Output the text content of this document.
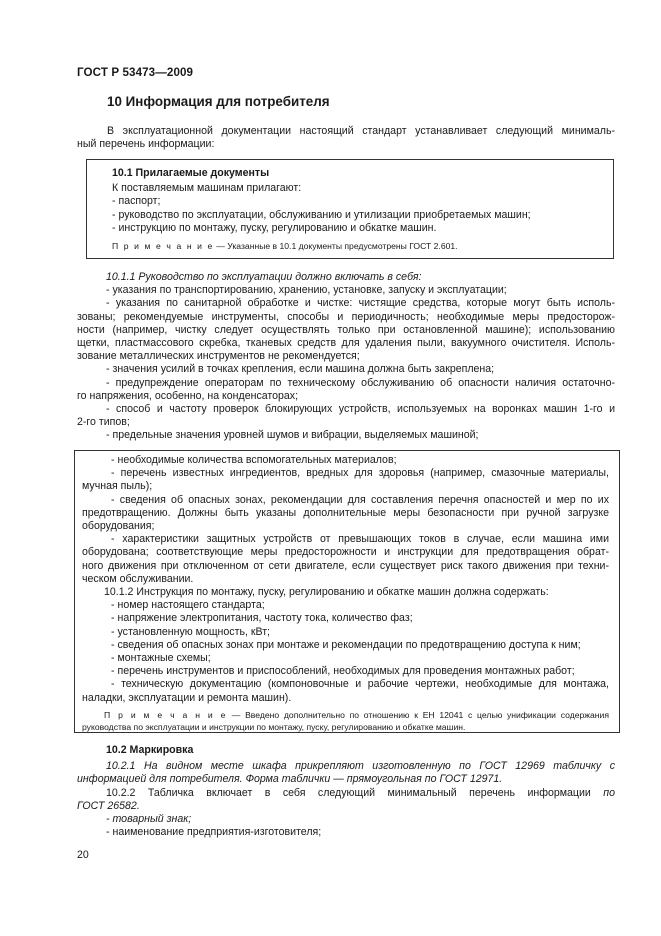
ГОСТ Р 53473—2009
10 Информация для потребителя
В эксплуатационной документации настоящий стандарт устанавливает следующий минималь-
ный перечень информации:
10.1 Прилагаемые документы
К поставляемым машинам прилагают:
- паспорт;
- руководство по эксплуатации, обслуживанию и утилизации приобретаемых машин;
- инструкцию по монтажу, пуску, регулированию и обкатке машин.
П р и м е ч а н и е — Указанные в 10.1 документы предусмотрены ГОСТ 2.601.
10.1.1 Руководство по эксплуатации должно включать в себя:
- указания по транспортированию, хранению, установке, запуску и эксплуатации;
- указания по санитарной обработке и чистке: чистящие средства, которые могут быть исполь-
зованы; рекомендуемые инструменты, способы и периодичность; необходимые меры предосторож-
ности (например, чистку следует осуществлять только при остановленной машине); использованию
щетки, пластмассового скребка, тканевых средств для удаления пыли, вакуумного очистителя. Исполь-
зование металлических инструментов не рекомендуется;
- значения усилий в точках крепления, если машина должна быть закреплена;
- предупреждение операторам по техническому обслуживанию об опасности наличия остаточно-
го напряжения, особенно, на конденсаторах;
- способ и частоту проверок блокирующих устройств, используемых на воронках машин 1-го и
2-го типов;
- предельные значения уровней шумов и вибрации, выделяемых машиной;
- необходимые количества вспомогательных материалов;
- перечень известных ингредиентов, вредных для здоровья (например, смазочные материалы,
мучная пыль);
- сведения об опасных зонах, рекомендации для составления перечня опасностей и мер по их
предотвращению. Должны быть указаны дополнительные меры безопасности при ручной загрузке
оборудования;
- характеристики защитных устройств от превышающих токов в случае, если машина ими
оборудована; соответствующие меры предосторожности и инструкции для предотвращения обрат-
ного движения при отключенном от сети двигателе, если существует риск такого движения при техни-
ческом обслуживании.
10.1.2 Инструкция по монтажу, пуску, регулированию и обкатке машин должна содержать:
- номер настоящего стандарта;
- напряжение электропитания, частоту тока, количество фаз;
- установленную мощность, кВт;
- сведения об опасных зонах при монтаже и рекомендации по предотвращению доступа к ним;
- монтажные схемы;
- перечень инструментов и приспособлений, необходимых для проведения монтажных работ;
- техническую документацию (компоновочные и рабочие чертежи, необходимые для монтажа,
наладки, эксплуатации и ремонта машин).
П р и м е ч а н и е — Введено дополнительно по отношению к ЕН 12041 с целью унификации содержания
руководства по эксплуатации и инструкции по монтажу, пуску, регулированию и обкатке машин.
10.2 Маркировка
10.2.1 На видном месте шкафа прикрепляют изготовленную по ГОСТ 12969 табличку с
информацией для потребителя. Форма таблички — прямоугольная по ГОСТ 12971.
10.2.2 Табличка включает в себя следующий минимальный перечень информации по
ГОСТ 26582.
- товарный знак;
- наименование предприятия-изготовителя;
20
